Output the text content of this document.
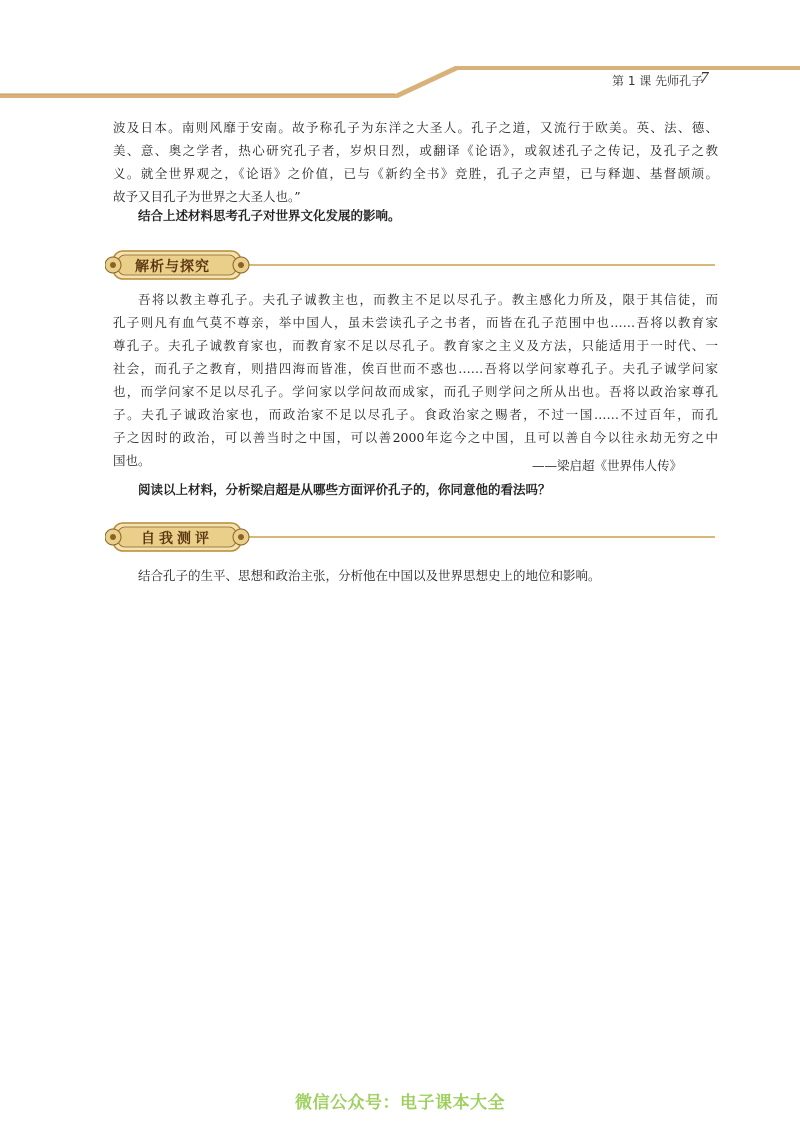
第 1 课 先师孔子
7
波及日本。南则风靡于安南。故予称孔子为东洋之大圣人。孔子之道，又流行于欧美。英、法、德、
美、意、奥之学者，热心研究孔子者，岁炽日烈，或翻译《论语》，或叙述孔子之传记，及孔子之教
义。就全世界观之，《论语》之价值，已与《新约全书》竞胜，孔子之声望，已与释迦、基督颉颃。
故予又目孔子为世界之大圣人也。”

结合上述材料思考孔子对世界文化发展的影响。

解析与探究
吾将以教主尊孔子。夫孔子诚教主也，而教主不足以尽孔子。教主感化力所及，限于其信徒，而
孔子则凡有血气莫不尊亲，举中国人，虽未尝读孔子之书者，而皆在孔子范围中也……吾将以教育家
尊孔子。夫孔子诚教育家也，而教育家不足以尽孔子。教育家之主义及方法，只能适用于一时代、一
社会，而孔子之教育，则措四海而皆准，俟百世而不惑也……吾将以学问家尊孔子。夫孔子诚学问家
也，而学问家不足以尽孔子。学问家以学问故而成家，而孔子则学问之所从出也。吾将以政治家尊孔
子。夫孔子诚政治家也，而政治家不足以尽孔子。食政治家之赐者，不过一国……不过百年，而孔
子之因时的政治，可以善当时之中国，可以善2000年迄今之中国，且可以善自今以往永劫无穷之中
国也。	——梁启超《世界伟人传》

阅读以上材料，分析梁启超是从哪些方面评价孔子的，你同意他的看法吗？

自我测评
结合孔子的生平、思想和政治主张，分析他在中国以及世界思想史上的地位和影响。
微信公众号：电子课本大全
